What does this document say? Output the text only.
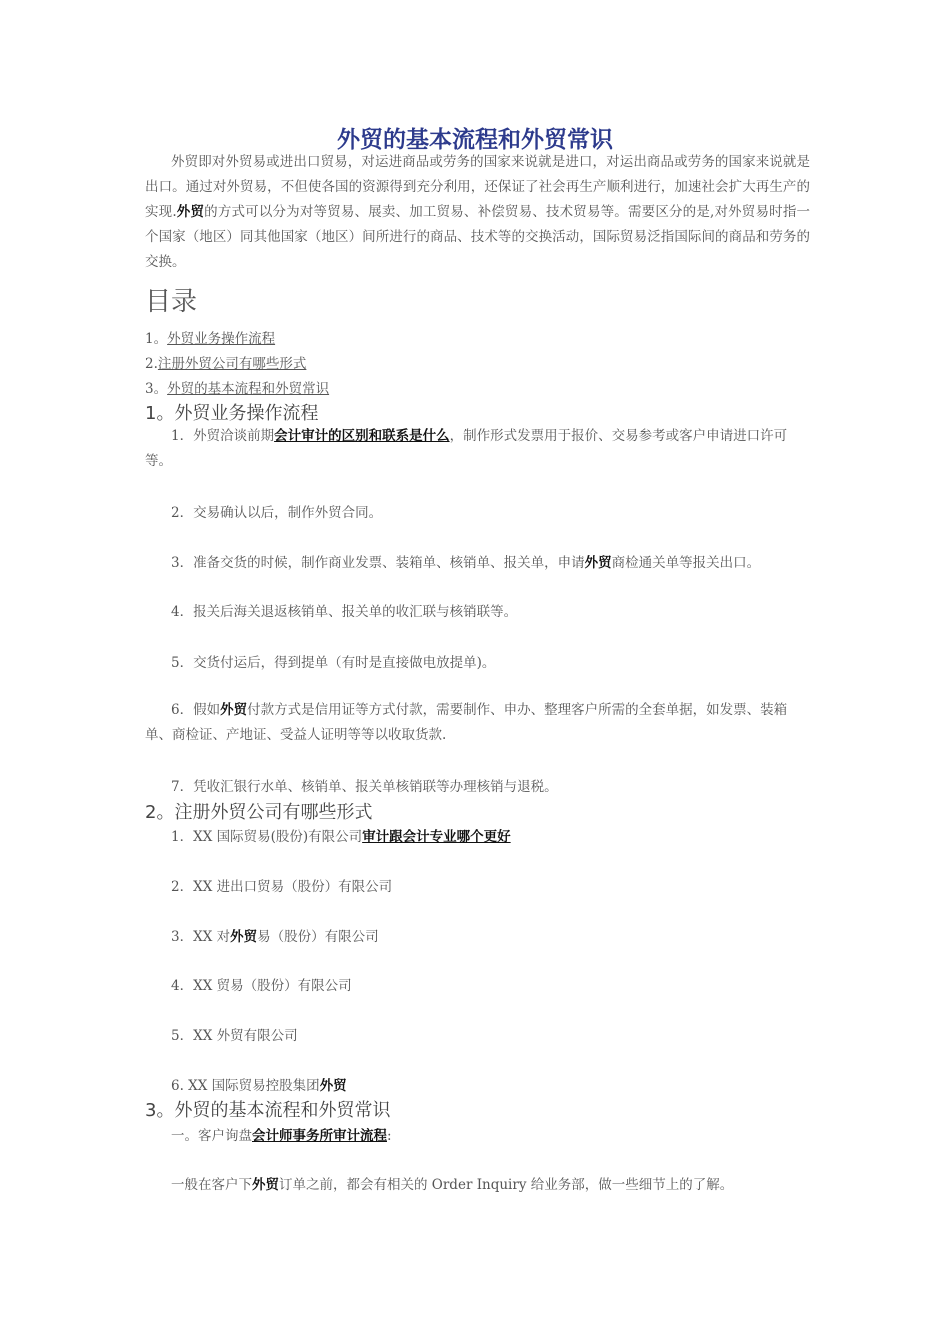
外贸的基本流程和外贸常识

外贸即对外贸易或进出口贸易，对运进商品或劳务的国家来说就是进口，对运出商品或劳务的国家来说就是出口。通过对外贸易，不但使各国的资源得到充分利用，还保证了社会再生产顺利进行，加速社会扩大再生产的实现.外贸的方式可以分为对等贸易、展卖、加工贸易、补偿贸易、技术贸易等。需要区分的是,对外贸易时指一个国家（地区）同其他国家（地区）间所进行的商品、技术等的交换活动，国际贸易泛指国际间的商品和劳务的交换。

目录
1。外贸业务操作流程
2.注册外贸公司有哪些形式
3。外贸的基本流程和外贸常识
1。外贸业务操作流程

1．外贸洽谈前期会计审计的区别和联系是什么，制作形式发票用于报价、交易参考或客户申请进口许可等。

2．交易确认以后，制作外贸合同。
3．准备交货的时候，制作商业发票、装箱单、核销单、报关单，申请外贸商检通关单等报关出口。
4．报关后海关退返核销单、报关单的收汇联与核销联等。
5．交货付运后，得到提单（有时是直接做电放提单)。

6．假如外贸付款方式是信用证等方式付款，需要制作、申办、整理客户所需的全套单据，如发票、装箱单、商检证、产地证、受益人证明等等以收取货款.

7．凭收汇银行水单、核销单、报关单核销联等办理核销与退税。
2。注册外贸公司有哪些形式
1．XX 国际贸易(股份)有限公司审计跟会计专业哪个更好
2．XX 进出口贸易（股份）有限公司
3．XX 对外贸易（股份）有限公司
4．XX 贸易（股份）有限公司
5．XX 外贸有限公司
6. XX 国际贸易控股集团外贸
3。外贸的基本流程和外贸常识
一。客户询盘会计师事务所审计流程:
一般在客户下外贸订单之前，都会有相关的 Order Inquiry 给业务部，做一些细节上的了解。
